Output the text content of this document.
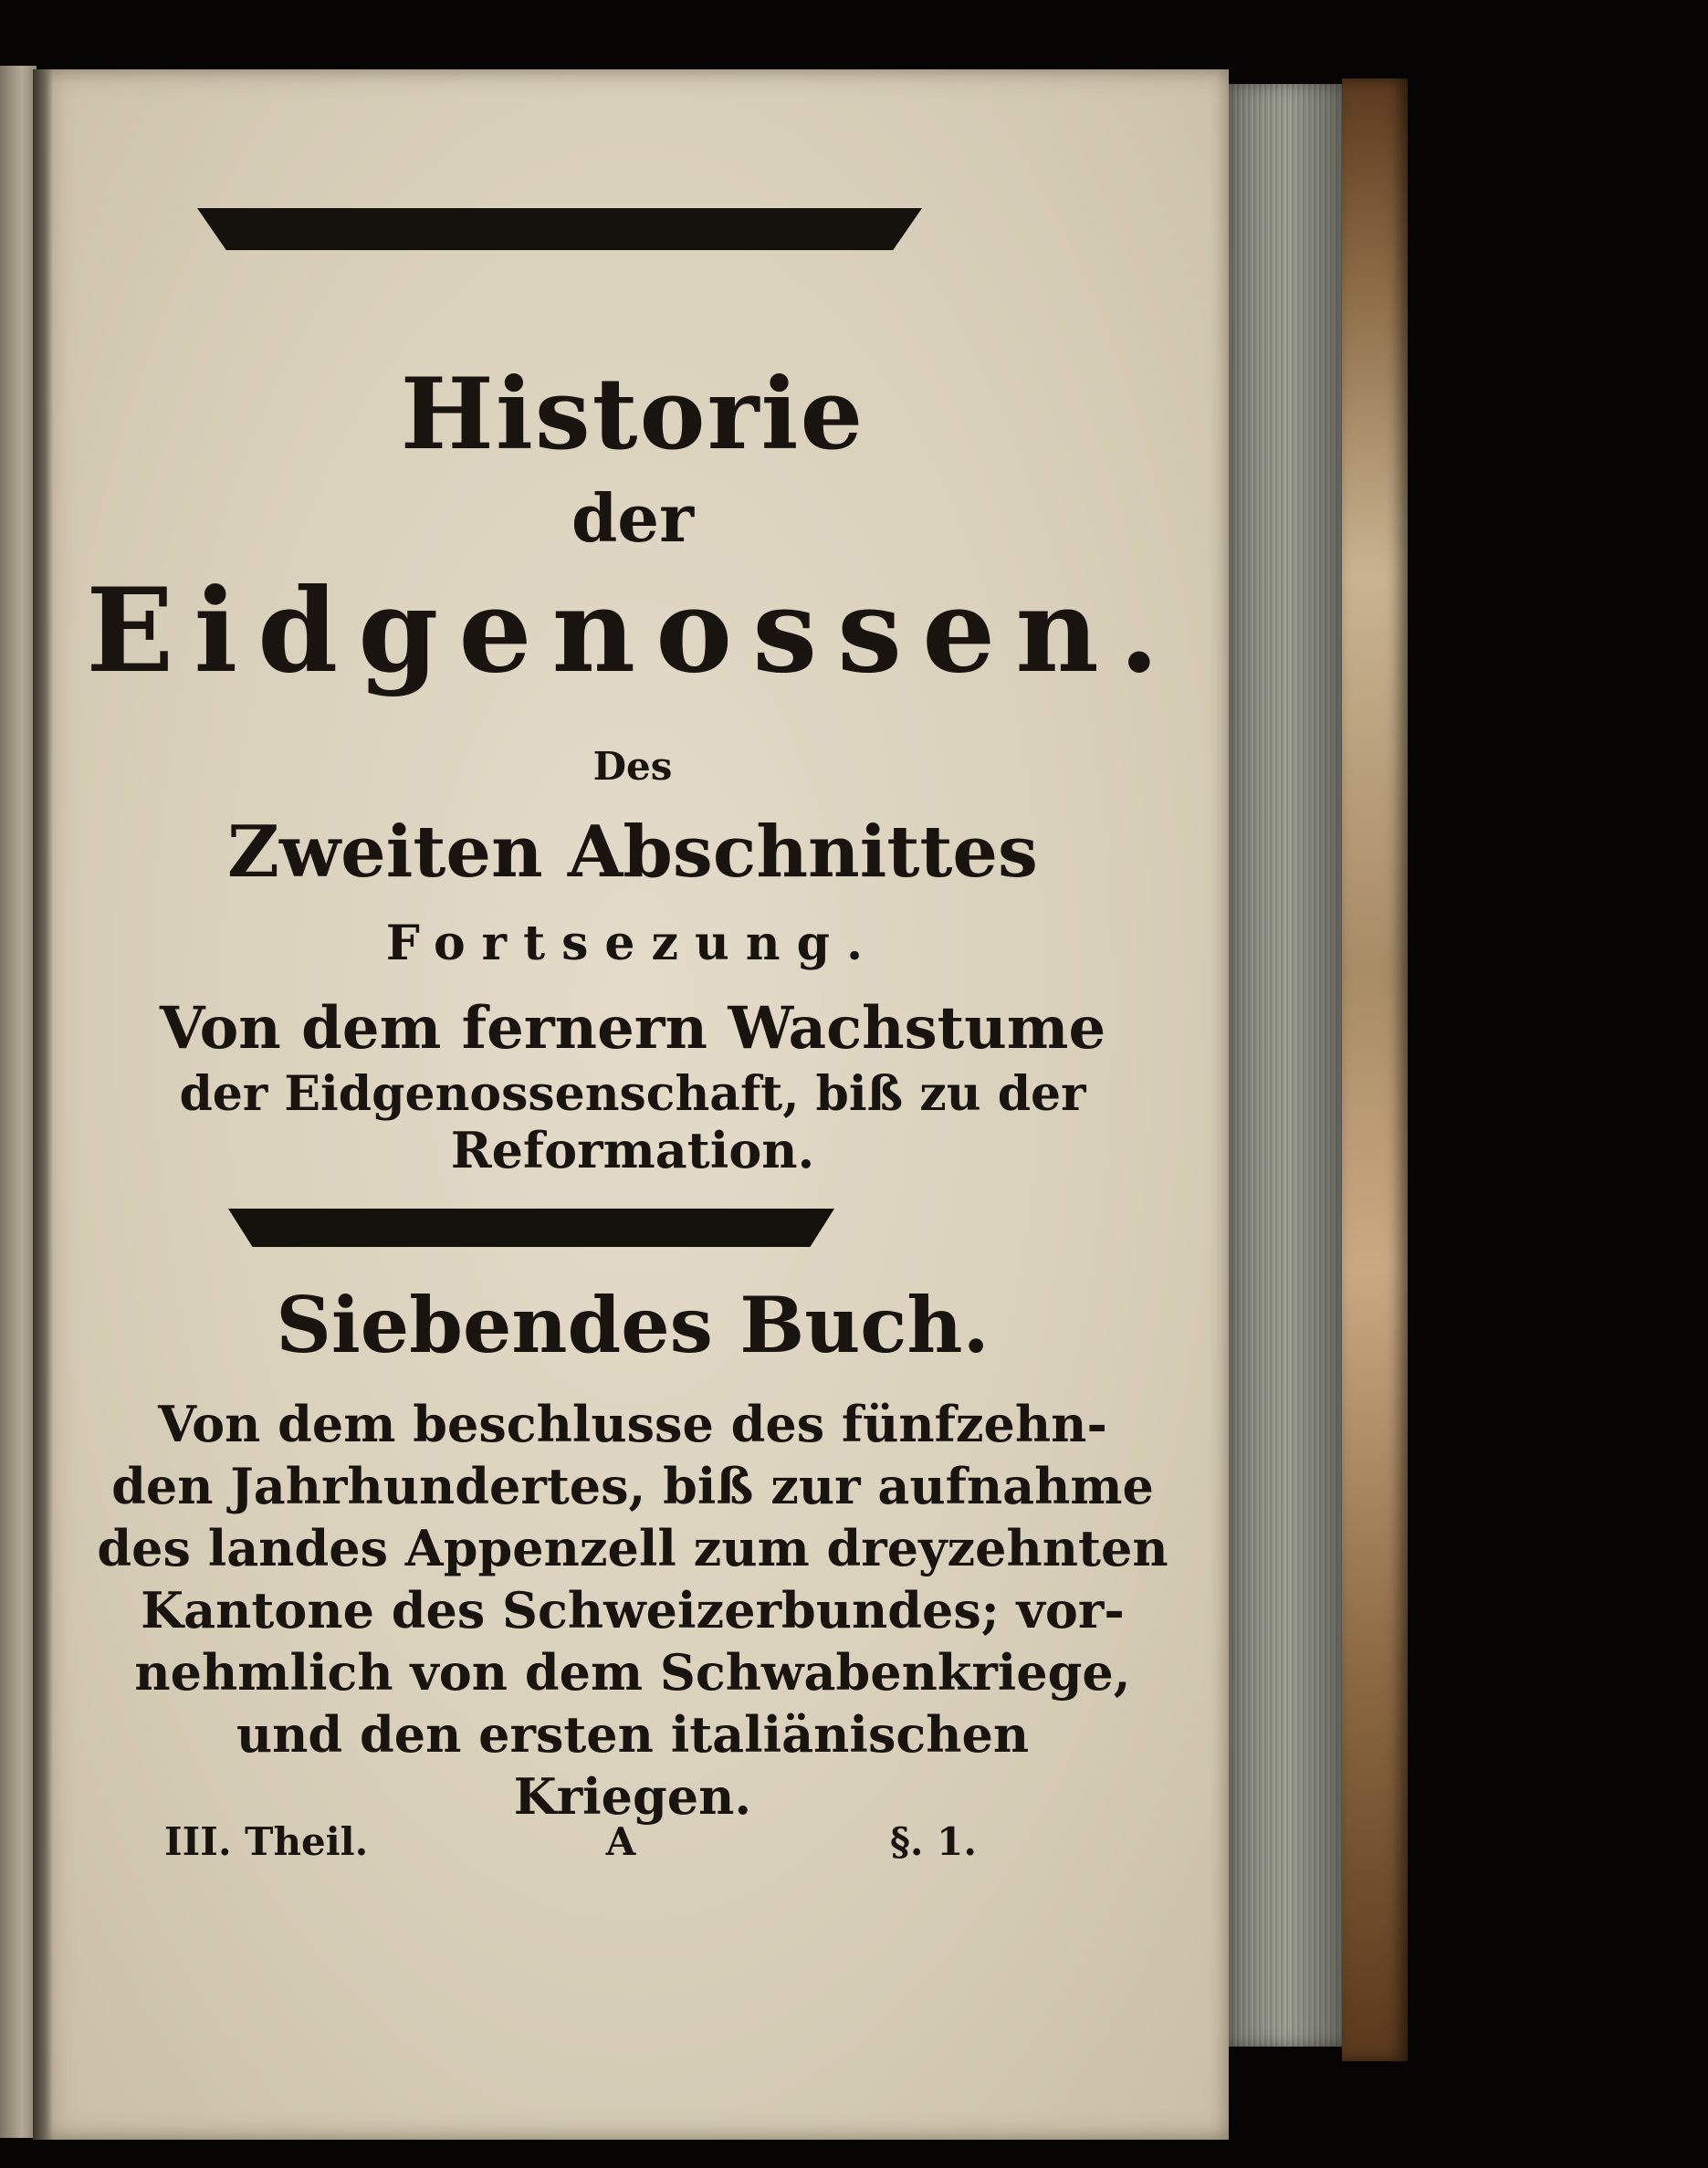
Historie
der
Eidgenossen.
Des
Zweiten Abschnittes
Fortsezung.
Von dem fernern Wachstume
der Eidgenossenschaft, biß zu der
Reformation.
Siebendes Buch.
Von dem beschlusse des fünfzehn-
den Jahrhundertes, biß zur aufnahme
des landes Appenzell zum dreyzehnten
Kantone des Schweizerbundes; vor-
nehmlich von dem Schwabenkriege,
und den ersten italiänischen
Kriegen.
III. Theil.	A	§. 1.
